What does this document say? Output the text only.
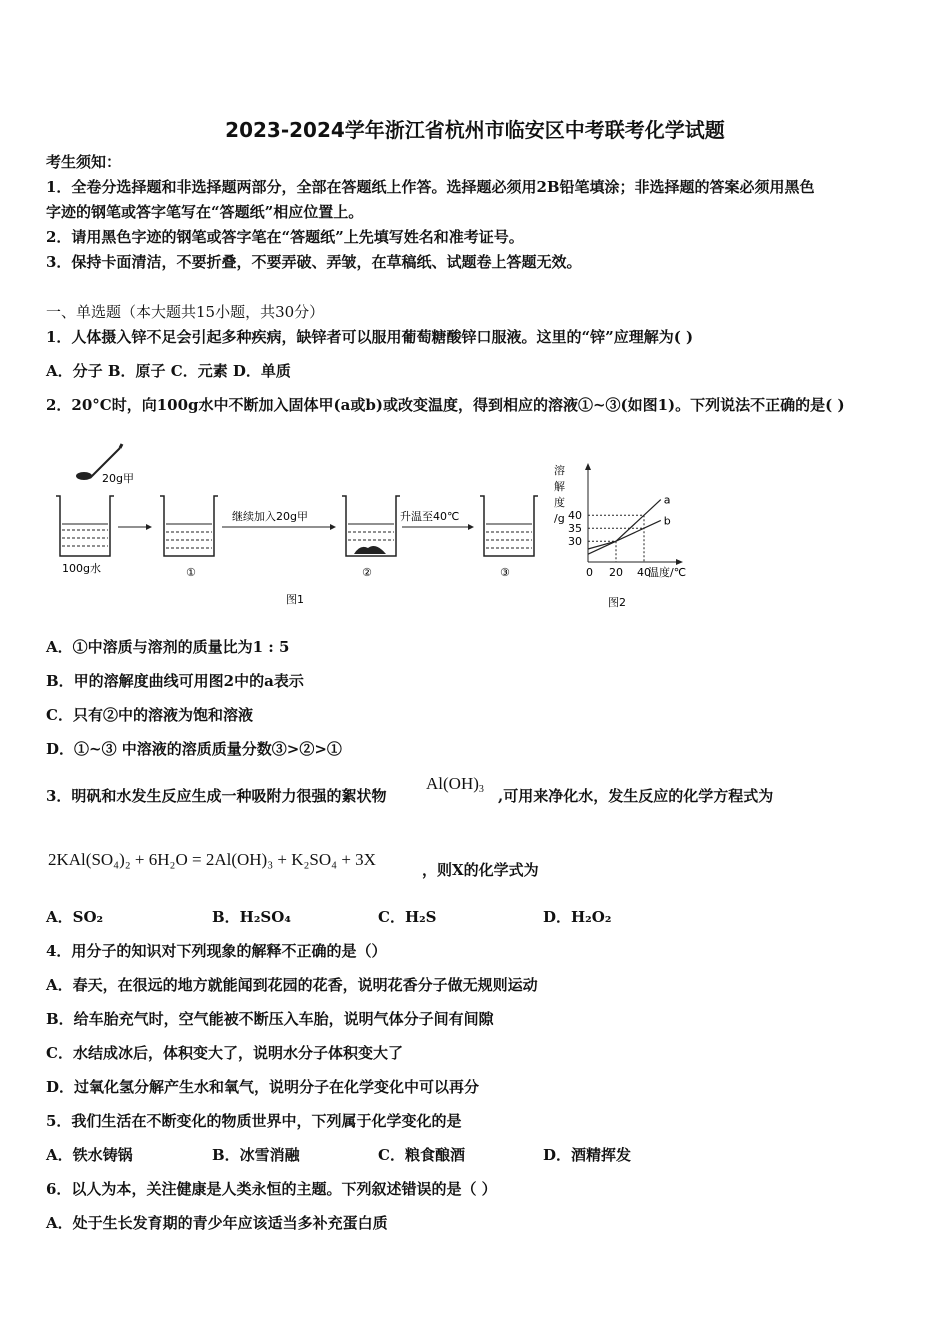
2023-2024学年浙江省杭州市临安区中考联考化学试题
考生须知：
1．全卷分选择题和非选择题两部分，全部在答题纸上作答。选择题必须用2B铅笔填涂；非选择题的答案必须用黑色
字迹的钢笔或答字笔写在“答题纸”相应位置上。
2．请用黑色字迹的钢笔或答字笔在“答题纸”上先填写姓名和准考证号。
3．保持卡面清洁，不要折叠，不要弄破、弄皱，在草稿纸、试题卷上答题无效。
一、单选题（本大题共15小题，共30分）
1．人体摄入锌不足会引起多种疾病，缺锌者可以服用葡萄糖酸锌口服液。这里的“锌”应理解为( )
A．分子 B．原子 C．元素 D．单质
2．20°C时，向100g水中不断加入固体甲(a或b)或改变温度，得到相应的溶液①~③(如图1)。下列说法不正确的是( )
20g甲
100g水	①
继续加入20g甲
②
升温至40℃
③
图1
溶
解
度
/g
30
35
40
20 40
a
b
0	温度/℃
图2
A．①中溶质与溶剂的质量比为1 : 5
B．甲的溶解度曲线可用图2中的a表示
C．只有②中的溶液为饱和溶液
D．①~③ 中溶液的溶质质量分数③>②>①
3．明矾和水发生反应生成一种吸附力很强的絮状物
$Al(OH)_3$ ,可用来净化水，发生反应的化学方程式为
2KAl(SO₄)₂ + 6H₂O = 2Al(OH)₃ + K₂SO₄ + 3X
，则X的化学式为
A．SO₂	B．H₂SO₄	C．H₂S	D．H₂O₂
4．用分子的知识对下列现象的解释不正确的是（）
A．春天，在很远的地方就能闻到花园的花香，说明花香分子做无规则运动
B．给车胎充气时，空气能被不断压入车胎，说明气体分子间有间隙
C．水结成冰后，体积变大了，说明水分子体积变大了
D．过氧化氢分解产生水和氧气，说明分子在化学变化中可以再分
5．我们生活在不断变化的物质世界中，下列属于化学变化的是
A．铁水铸锅	B．冰雪消融	C．粮食酿酒	D．酒精挥发
6．以人为本，关注健康是人类永恒的主题。下列叙述错误的是（ ）
A．处于生长发育期的青少年应该适当多补充蛋白质
